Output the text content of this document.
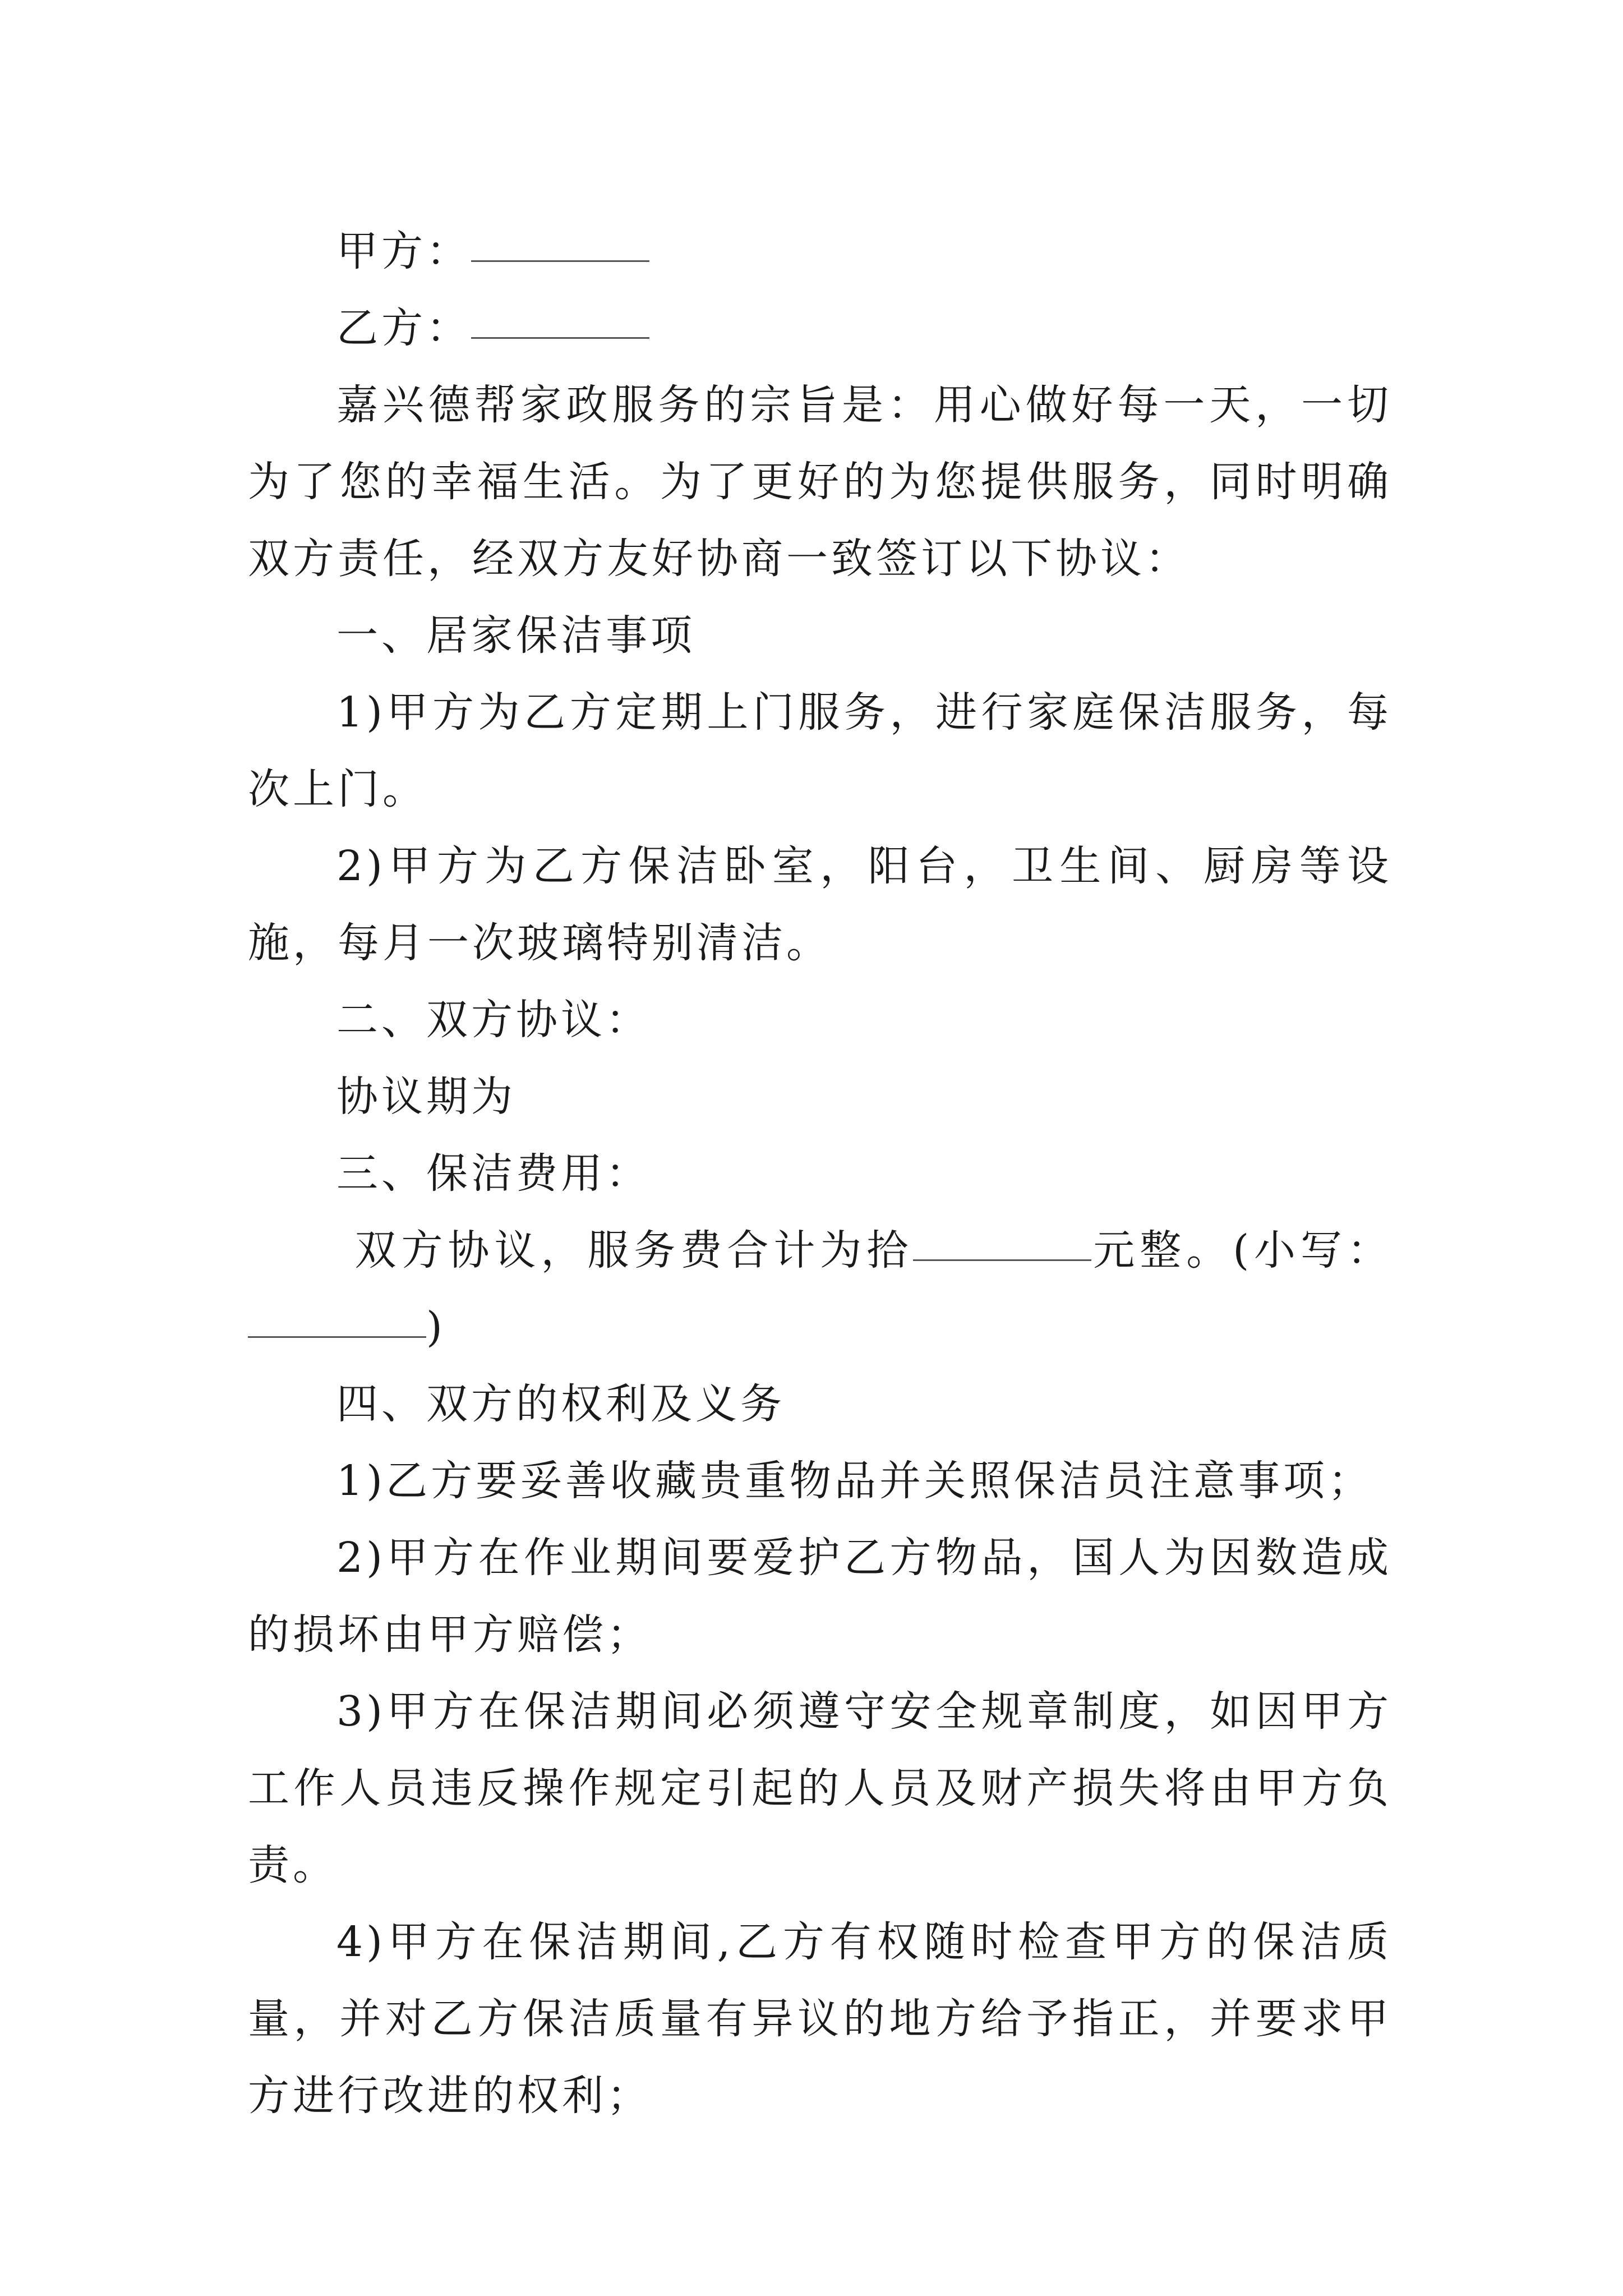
甲方：

乙方：

嘉兴德帮家政服务的宗旨是：用心做好每一天，一切为了您的幸福生活。为了更好的为您提供服务，同时明确双方责任，经双方友好协商一致签订以下协议：

一、居家保洁事项

1)甲方为乙方定期上门服务，进行家庭保洁服务，每次上门。

2)甲方为乙方保洁卧室，阳台，卫生间、厨房等设施，每月一次玻璃特别清洁。

二、双方协议：

协议期为

三、保洁费用：

双方协议，服务费合计为拾	元整。(小写：)

四、双方的权利及义务

1)乙方要妥善收藏贵重物品并关照保洁员注意事项；

2)甲方在作业期间要爱护乙方物品，国人为因数造成的损坏由甲方赔偿；

3)甲方在保洁期间必须遵守安全规章制度，如因甲方工作人员违反操作规定引起的人员及财产损失将由甲方负责。

4)甲方在保洁期间,乙方有权随时检查甲方的保洁质量，并对乙方保洁质量有异议的地方给予指正，并要求甲方进行改进的权利；
